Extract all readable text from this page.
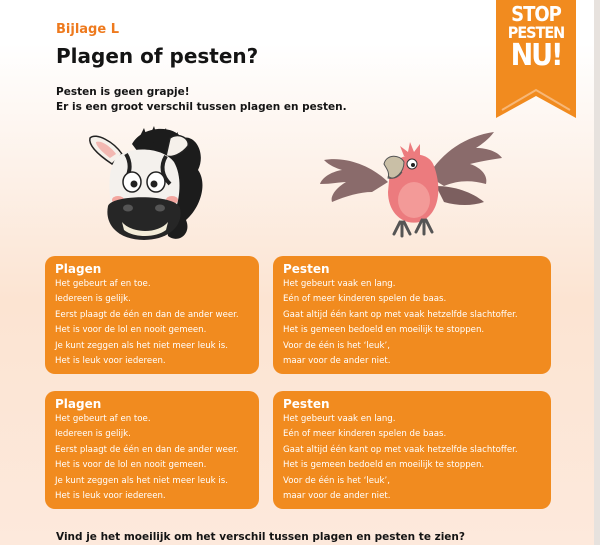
Bijlage L
Plagen of pesten?
Pesten is geen grapje!
Er is een groot verschil tussen plagen en pesten.
STOP
PESTEN
NU!
Plagen
Het gebeurt af en toe.
Iedereen is gelijk.
Eerst plaagt de één en dan de ander weer.
Het is voor de lol en nooit gemeen.
Je kunt zeggen als het niet meer leuk is.
Het is leuk voor iedereen.
Pesten
Het gebeurt vaak en lang.
Eén of meer kinderen spelen de baas.
Gaat altijd één kant op met vaak hetzelfde slachtoffer.
Het is gemeen bedoeld en moeilijk te stoppen.
Voor de één is het ‘leuk’,
maar voor de ander niet.
Plagen
Het gebeurt af en toe.
Iedereen is gelijk.
Eerst plaagt de één en dan de ander weer.
Het is voor de lol en nooit gemeen.
Je kunt zeggen als het niet meer leuk is.
Het is leuk voor iedereen.
Pesten
Het gebeurt vaak en lang.
Eén of meer kinderen spelen de baas.
Gaat altijd één kant op met vaak hetzelfde slachtoffer.
Het is gemeen bedoeld en moeilijk te stoppen.
Voor de één is het ‘leuk’,
maar voor de ander niet.
Vind je het moeilijk om het verschil tussen plagen en pesten te zien?
